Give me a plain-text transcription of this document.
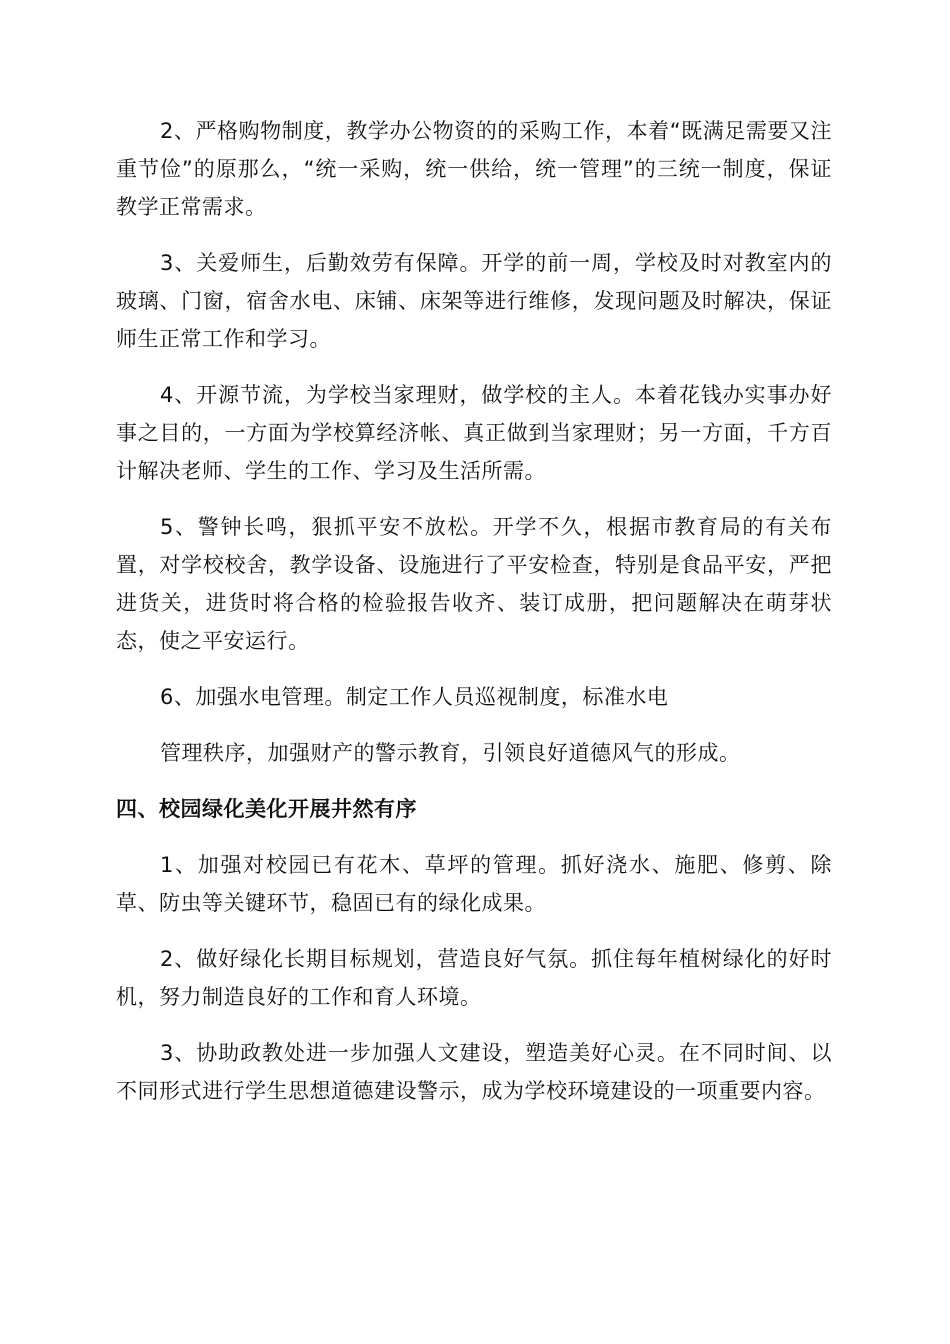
2、严格购物制度，教学办公物资的的采购工作，本着“既满足需要又注重节俭”的原那么，“统一采购，统一供给，统一管理”的三统一制度，保证教学正常需求。

3、关爱师生，后勤效劳有保障。开学的前一周，学校及时对教室内的玻璃、门窗，宿舍水电、床铺、床架等进行维修，发现问题及时解决，保证师生正常工作和学习。

4、开源节流，为学校当家理财，做学校的主人。本着花钱办实事办好事之目的，一方面为学校算经济帐、真正做到当家理财；另一方面，千方百计解决老师、学生的工作、学习及生活所需。

5、警钟长鸣，狠抓平安不放松。开学不久，根据市教育局的有关布置，对学校校舍，教学设备、设施进行了平安检查，特别是食品平安，严把进货关，进货时将合格的检验报告收齐、装订成册，把问题解决在萌芽状态，使之平安运行。

6、加强水电管理。制定工作人员巡视制度，标准水电

管理秩序，加强财产的警示教育，引领良好道德风气的形成。

四、校园绿化美化开展井然有序

1、加强对校园已有花木、草坪的管理。抓好浇水、施肥、修剪、除草、防虫等关键环节，稳固已有的绿化成果。

2、做好绿化长期目标规划，营造良好气氛。抓住每年植树绿化的好时机，努力制造良好的工作和育人环境。

3、协助政教处进一步加强人文建设，塑造美好心灵。在不同时间、以不同形式进行学生思想道德建设警示，成为学校环境建设的一项重要内容。
